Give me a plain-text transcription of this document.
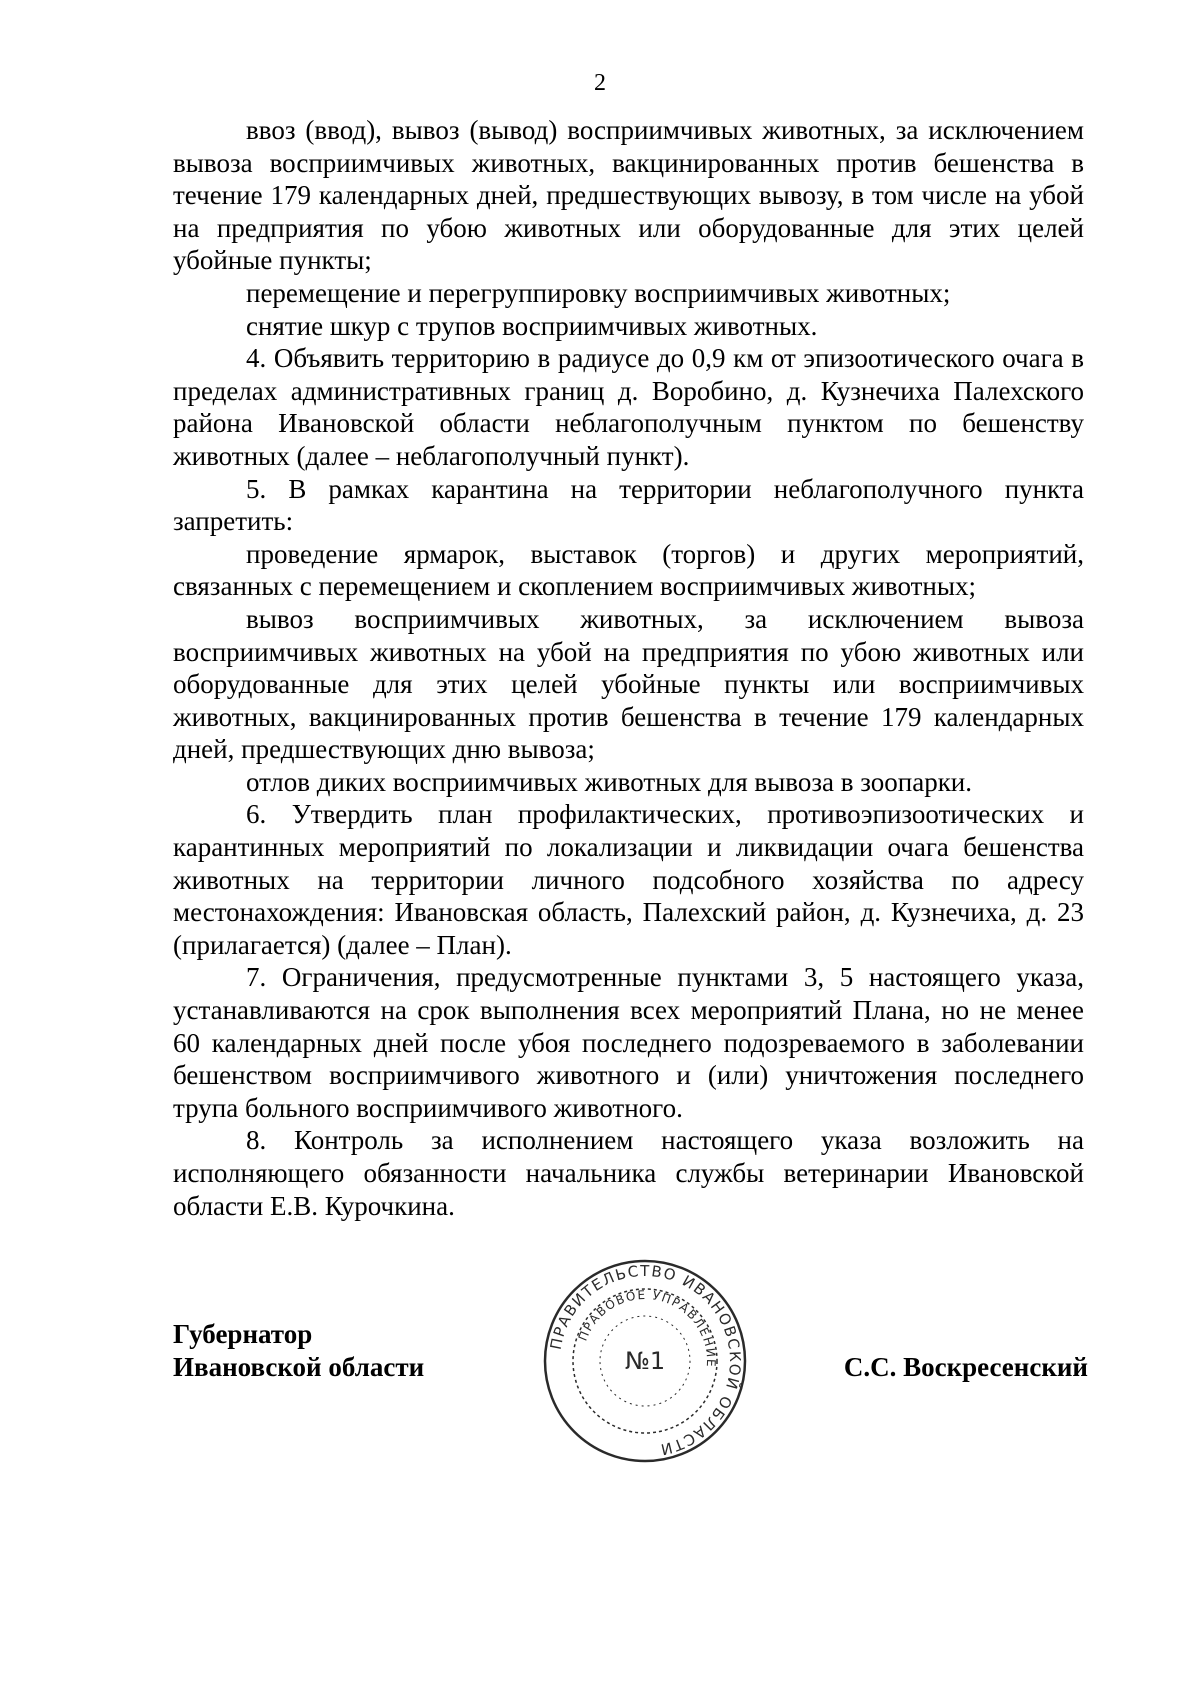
2

ввоз (ввод), вывоз (вывод) восприимчивых животных, за исключением вывоза восприимчивых животных, вакцинированных против бешенства в течение 179 календарных дней, предшествующих вывозу, в том числе на убой на предприятия по убою животных или оборудованные для этих целей убойные пункты;

перемещение и перегруппировку восприимчивых животных;

снятие шкур с трупов восприимчивых животных.

4. Объявить территорию в радиусе до 0,9 км от эпизоотического очага в пределах административных границ д. Воробино, д. Кузнечиха Палехского района Ивановской области неблагополучным пунктом по бешенству животных (далее – неблагополучный пункт).

5. В рамках карантина на территории неблагополучного пункта запретить:

проведение ярмарок, выставок (торгов) и других мероприятий, связанных с перемещением и скоплением восприимчивых животных;

вывоз восприимчивых животных, за исключением вывоза восприимчивых животных на убой на предприятия по убою животных или оборудованные для этих целей убойные пункты или восприимчивых животных, вакцинированных против бешенства в течение 179 календарных дней, предшествующих дню вывоза;

отлов диких восприимчивых животных для вывоза в зоопарки.

6. Утвердить план профилактических, противоэпизоотических и карантинных мероприятий по локализации и ликвидации очага бешенства животных на территории личного подсобного хозяйства по адресу местонахождения: Ивановская область, Палехский район, д. Кузнечиха, д. 23 (прилагается) (далее – План).

7. Ограничения, предусмотренные пунктами 3, 5 настоящего указа, устанавливаются на срок выполнения всех мероприятий Плана, но не менее 60 календарных дней после убоя последнего подозреваемого в заболевании бешенством восприимчивого животного и (или) уничтожения последнего трупа больного восприимчивого животного.

8. Контроль за исполнением настоящего указа возложить на исполняющего обязанности начальника службы ветеринарии Ивановской области Е.В. Курочкина.

Губернатор
Ивановской области
ПРАВИТЕЛЬСТВО ИВАНОВСКОЙ ОБЛАСТИ
ПРАВОВОЕ УПРАВЛЕНИЕ
№1	С.С. Воскресенский
